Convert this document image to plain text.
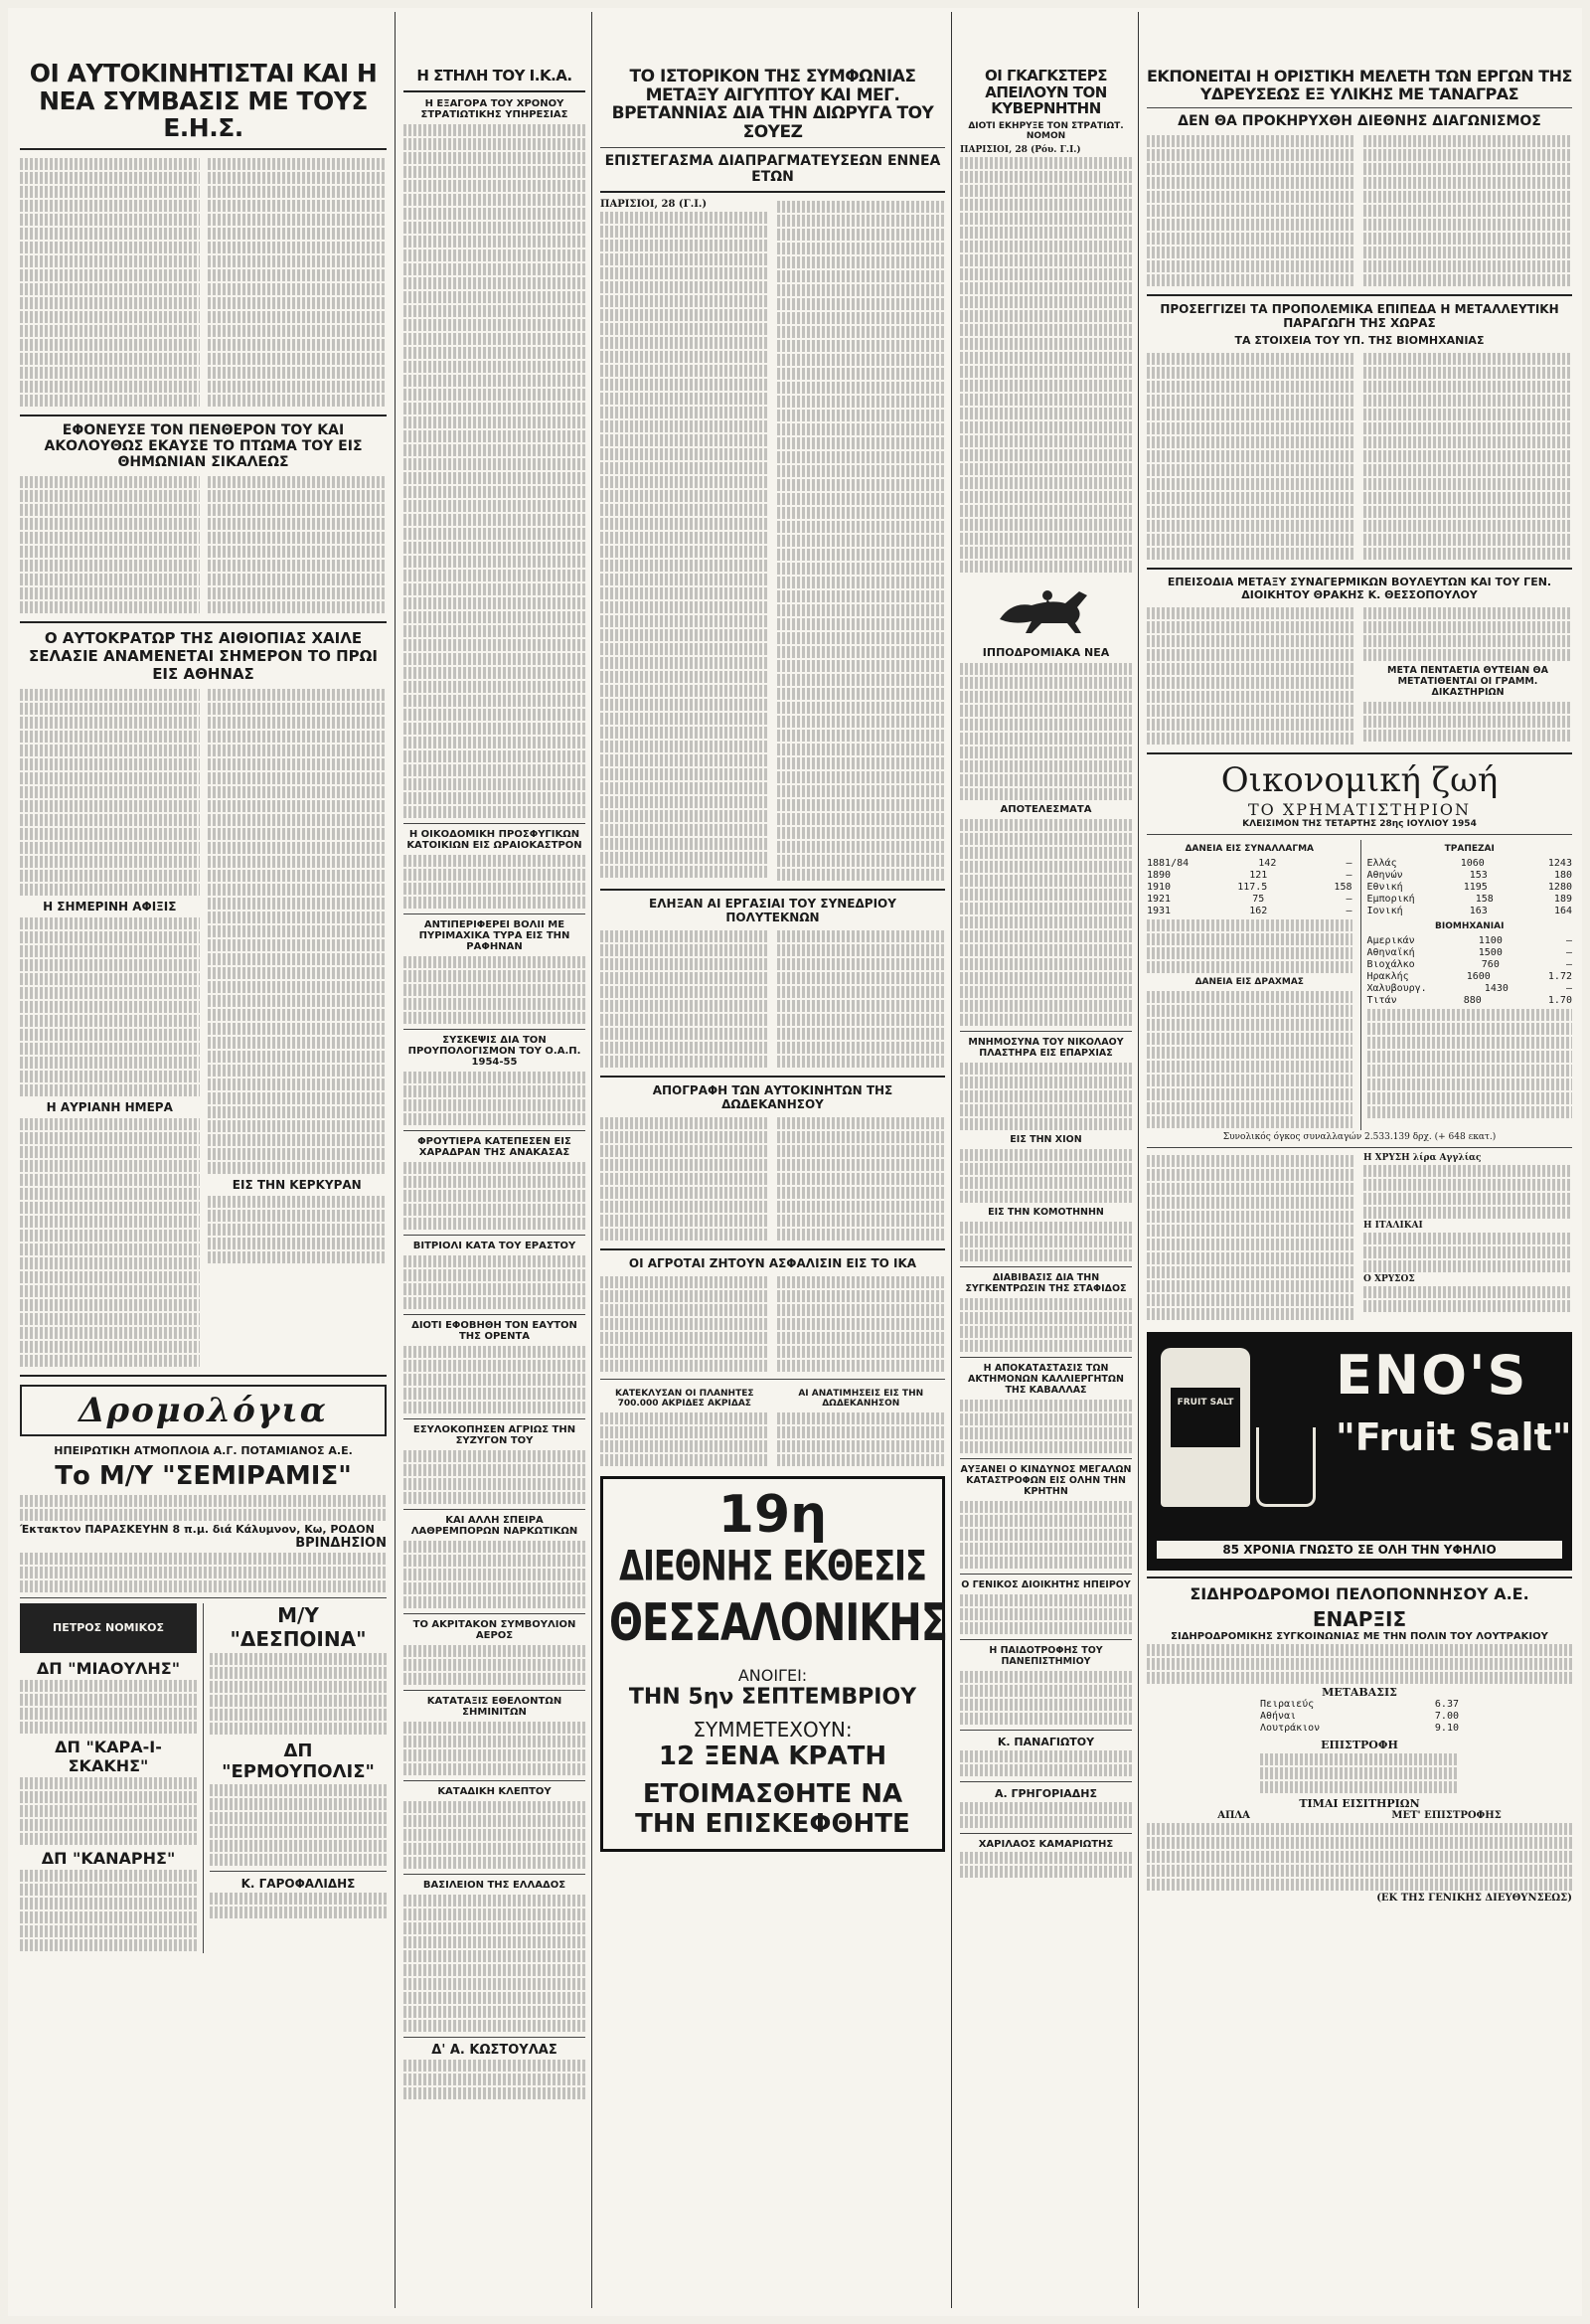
ΟΙ ΑΥΤΟΚΙΝΗΤΙΣΤΑΙ ΚΑΙ Η ΝΕΑ ΣΥΜΒΑΣΙΣ ΜΕ ΤΟΥΣ Ε.Η.Σ.
ΕΦΟΝΕΥΣΕ ΤΟΝ ΠΕΝΘΕΡΟΝ ΤΟΥ ΚΑΙ ΑΚΟΛΟΥΘΩΣ ΕΚΑΥΣΕ ΤΟ ΠΤΩΜΑ ΤΟΥ ΕΙΣ ΘΗΜΩΝΙΑΝ ΣΙΚΑΛΕΩΣ
Ο ΑΥΤΟΚΡΑΤΩΡ ΤΗΣ ΑΙΘΙΟΠΙΑΣ ΧΑΙΛΕ ΣΕΛΑΣΙΕ ΑΝΑΜΕΝΕΤΑΙ ΣΗΜΕΡΟΝ ΤΟ ΠΡΩΙ ΕΙΣ ΑΘΗΝΑΣ
Η ΣΗΜΕΡΙΝΗ ΑΦΙΞΙΣ
Η ΑΥΡΙΑΝΗ ΗΜΕΡΑ
ΕΙΣ ΤΗΝ ΚΕΡΚΥΡΑΝ
Δρομολόγια
ΗΠΕΙΡΩΤΙΚΗ ΑΤΜΟΠΛΟΙΑ Α.Γ. ΠΟΤΑΜΙΑΝΟΣ Α.Ε.
Το Μ/Υ "ΣΕΜΙΡΑΜΙΣ"
Έκτακτον ΠΑΡΑΣΚΕΥΗΝ 8 π.μ. διά Κάλυμνον, Κω, ΡΟΔΟΝ
ΒΡΙΝΔΗΣΙΟΝ
ΠΕΤΡΟΣ ΝΟΜΙΚΟΣ
ΔΠ "ΜΙΑΟΥΛΗΣ"
ΔΠ "ΚΑΡΑ-Ι-ΣΚΑΚΗΣ"
ΔΠ "ΚΑΝΑΡΗΣ"
Μ/Υ "ΔΕΣΠΟΙΝΑ"
ΔΠ "ΕΡΜΟΥΠΟΛΙΣ"
Κ. ΓΑΡΟΦΑΛΙΔΗΣ
Η ΣΤΗΛΗ ΤΟΥ Ι.Κ.Α.
Η ΕΞΑΓΟΡΑ ΤΟΥ ΧΡΟΝΟΥ ΣΤΡΑΤΙΩΤΙΚΗΣ ΥΠΗΡΕΣΙΑΣ
Η ΟΙΚΟΔΟΜΙΚΗ ΠΡΟΣΦΥΓΙΚΩΝ ΚΑΤΟΙΚΙΩΝ ΕΙΣ ΩΡΑΙΟΚΑΣΤΡΟΝ
ΑΝΤΙΠΕΡΙΦΕΡΕΙ ΒΟΛΙΙ ΜΕ ΠΥΡΙΜΑΧΙΚΑ ΤΥΡΑ ΕΙΣ ΤΗΝ ΡΑΦΗΝΑΝ
ΣΥΣΚΕΨΙΣ ΔΙΑ ΤΟΝ ΠΡΟΥΠΟΛΟΓΙΣΜΟΝ ΤΟΥ Ο.Α.Π. 1954-55
ΦΡΟΥΤΙΕΡΑ ΚΑΤΕΠΕΣΕΝ ΕΙΣ ΧΑΡΑΔΡΑΝ ΤΗΣ ΑΝΑΚΑΣΑΣ
ΒΙΤΡΙΟΛΙ ΚΑΤΑ ΤΟΥ ΕΡΑΣΤΟΥ
ΔΙΟΤΙ ΕΦΟΒΗΘΗ ΤΟΝ ΕΑΥΤΟΝ ΤΗΣ ΟΡΕΝΤΑ
ΕΣΥΛΟΚΟΠΗΣΕΝ ΑΓΡΙΩΣ ΤΗΝ ΣΥΖΥΓΟΝ ΤΟΥ
ΚΑΙ ΑΛΛΗ ΣΠΕΙΡΑ ΛΑΘΡΕΜΠΟΡΩΝ ΝΑΡΚΩΤΙΚΩΝ
ΤΟ ΑΚΡΙΤΑΚΟΝ ΣΥΜΒΟΥΛΙΟΝ ΑΕΡΟΣ
ΚΑΤΑΤΑΞΙΣ ΕΘΕΛΟΝΤΩΝ ΣΗΜΙΝΙΤΩΝ
ΚΑΤΑΔΙΚΗ ΚΛΕΠΤΟΥ
ΒΑΣΙΛΕΙΟΝ ΤΗΣ ΕΛΛΑΔΟΣ
Δ' Α. ΚΩΣΤΟΥΛΑΣ
ΤΟ ΙΣΤΟΡΙΚΟΝ ΤΗΣ ΣΥΜΦΩΝΙΑΣ ΜΕΤΑΞΥ ΑΙΓΥΠΤΟΥ ΚΑΙ ΜΕΓ. ΒΡΕΤΑΝΝΙΑΣ ΔΙΑ ΤΗΝ ΔΙΩΡΥΓΑ ΤΟΥ ΣΟΥΕΖ
ΕΠΙΣΤΕΓΑΣΜΑ ΔΙΑΠΡΑΓΜΑΤΕΥΣΕΩΝ ΕΝΝΕΑ ΕΤΩΝ
ΠΑΡΙΣΙΟΙ, 28 (Γ.Ι.)
ΕΛΗΞΑΝ ΑΙ ΕΡΓΑΣΙΑΙ ΤΟΥ ΣΥΝΕΔΡΙΟΥ ΠΟΛΥΤΕΚΝΩΝ
ΑΠΟΓΡΑΦΗ ΤΩΝ ΑΥΤΟΚΙΝΗΤΩΝ ΤΗΣ ΔΩΔΕΚΑΝΗΣΟΥ
ΟΙ ΑΓΡΟΤΑΙ ΖΗΤΟΥΝ ΑΣΦΑΛΙΣΙΝ ΕΙΣ ΤΟ ΙΚΑ
ΚΑΤΕΚΛΥΣΑΝ ΟΙ ΠΛΑΝΗΤΕΣ 700.000 ΑΚΡΙΔΕΣ ΑΚΡΙΔΑΣ
ΑΙ ΑΝΑΤΙΜΗΣΕΙΣ ΕΙΣ ΤΗΝ ΔΩΔΕΚΑΝΗΣΟΝ
19η
ΔΙΕΘΝΗΣ ΕΚΘΕΣΙΣ
ΘΕΣΣΑΛΟΝΙΚΗΣ
ΑΝΟΙΓΕΙ:
ΤΗΝ 5ην ΣΕΠΤΕΜΒΡΙΟΥ
ΣΥΜΜΕΤΕΧΟΥΝ:
12 ΞΕΝΑ ΚΡΑΤΗ
ΕΤΟΙΜΑΣΘΗΤΕ ΝΑ
ΤΗΝ ΕΠΙΣΚΕΦΘΗΤΕ
ΟΙ ΓΚΑΓΚΣΤΕΡΣ ΑΠΕΙΛΟΥΝ ΤΟΝ ΚΥΒΕΡΝΗΤΗΝ
ΔΙΟΤΙ ΕΚΗΡΥΞΕ ΤΟΝ ΣΤΡΑΤΙΩΤ. ΝΟΜΟΝ
ΠΑΡΙΣΙΟΙ, 28 (Ρόυ. Γ.Ι.)
ΙΠΠΟΔΡΟΜΙΑΚΑ ΝΕΑ
ΑΠΟΤΕΛΕΣΜΑΤΑ
ΜΝΗΜΟΣΥΝΑ ΤΟΥ ΝΙΚΟΛΑΟΥ ΠΛΑΣΤΗΡΑ ΕΙΣ ΕΠΑΡΧΙΑΣ
ΕΙΣ ΤΗΝ ΧΙΟΝ
ΕΙΣ ΤΗΝ ΚΟΜΟΤΗΝΗΝ
ΔΙΑΒΙΒΑΣΙΣ ΔΙΑ ΤΗΝ ΣΥΓΚΕΝΤΡΩΣΙΝ ΤΗΣ ΣΤΑΦΙΔΟΣ
Η ΑΠΟΚΑΤΑΣΤΑΣΙΣ ΤΩΝ ΑΚΤΗΜΟΝΩΝ ΚΑΛΛΙΕΡΓΗΤΩΝ ΤΗΣ ΚΑΒΑΛΛΑΣ
ΑΥΞΑΝΕΙ Ο ΚΙΝΔΥΝΟΣ ΜΕΓΑΛΩΝ ΚΑΤΑΣΤΡΟΦΩΝ ΕΙΣ ΟΛΗΝ ΤΗΝ ΚΡΗΤΗΝ
Ο ΓΕΝΙΚΟΣ ΔΙΟΙΚΗΤΗΣ ΗΠΕΙΡΟΥ
Η ΠΑΙΔΟΤΡΟΦΗΣ ΤΟΥ ΠΑΝΕΠΙΣΤΗΜΙΟΥ
Κ. ΠΑΝΑΓΙΩΤΟΥ
Α. ΓΡΗΓΟΡΙΑΔΗΣ
ΧΑΡΙΛΑΟΣ ΚΑΜΑΡΙΩΤΗΣ
ΕΚΠΟΝΕΙΤΑΙ Η ΟΡΙΣΤΙΚΗ ΜΕΛΕΤΗ ΤΩΝ ΕΡΓΩΝ ΤΗΣ ΥΔΡΕΥΣΕΩΣ ΕΞ ΥΛΙΚΗΣ ΜΕ ΤΑΝΑΓΡΑΣ
ΔΕΝ ΘΑ ΠΡΟΚΗΡΥΧΘΗ ΔΙΕΘΝΗΣ ΔΙΑΓΩΝΙΣΜΟΣ
ΠΡΟΣΕΓΓΙΖΕΙ ΤΑ ΠΡΟΠΟΛΕΜΙΚΑ ΕΠΙΠΕΔΑ Η ΜΕΤΑΛΛΕΥΤΙΚΗ ΠΑΡΑΓΩΓΗ ΤΗΣ ΧΩΡΑΣ
ΤΑ ΣΤΟΙΧΕΙΑ ΤΟΥ ΥΠ. ΤΗΣ ΒΙΟΜΗΧΑΝΙΑΣ
ΕΠΕΙΣΟΔΙΑ ΜΕΤΑΞΥ ΣΥΝΑΓΕΡΜΙΚΩΝ ΒΟΥΛΕΥΤΩΝ ΚΑΙ ΤΟΥ ΓΕΝ. ΔΙΟΙΚΗΤΟΥ ΘΡΑΚΗΣ Κ. ΘΕΣΣΟΠΟΥΛΟΥ
ΜΕΤΑ ΠΕΝΤΑΕΤΙΑ ΘΥΤΕΙΑΝ ΘΑ ΜΕΤΑΤΙΘΕΝΤΑΙ ΟΙ ΓΡΑΜΜ. ΔΙΚΑΣΤΗΡΙΩΝ
Οικονομική ζωή
ΤΟ ΧΡΗΜΑΤΙΣΤΗΡΙΟΝ
ΚΛΕΙΣΙΜΟΝ ΤΗΣ ΤΕΤΑΡΤΗΣ 28ης ΙΟΥΛΙΟΥ 1954
ΔΑΝΕΙΑ ΕΙΣ ΣΥΝΑΛΛΑΓΜΑ
1881/84	142	—
1890	121	—
1910	117.5	158
1921	75	—
1931	162	—
ΔΑΝΕΙΑ ΕΙΣ ΔΡΑΧΜΑΣ
ΤΡΑΠΕΖΑΙ
Ελλάς	1060	1243
Αθηνών	153	180
Εθνική	1195	1280
Εμπορική	158	189
Ιονική	163	164
ΒΙΟΜΗΧΑΝΙΑΙ
Αμερικάν	1100	—
Αθηναϊκή	1500	—
Βιοχάλκο	760	—
Ηρακλής	1600	1.72
Χαλυβουργ.	1430	—
Τιτάν	880	1.70
Συνολικός όγκος συναλλαγών 2.533.139 δρχ. (+ 648 εκατ.)
Η ΧΡΥΣΗ λίρα Αγγλίας
Η ΙΤΑΛΙΚΑΙ
Ο ΧΡΥΣΟΣ
FRUIT SALT ENO'S
"Fruit Salt"
85 ΧΡΟΝΙΑ ΓΝΩΣΤΟ ΣΕ ΟΛΗ ΤΗΝ ΥΦΗΛΙΟ
ΣΙΔΗΡΟΔΡΟΜΟΙ ΠΕΛΟΠΟΝΝΗΣΟΥ Α.Ε.
ΕΝΑΡΞΙΣ
ΣΙΔΗΡΟΔΡΟΜΙΚΗΣ ΣΥΓΚΟΙΝΩΝΙΑΣ ΜΕ ΤΗΝ ΠΟΛΙΝ ΤΟΥ ΛΟΥΤΡΑΚΙΟΥ
ΜΕΤΑΒΑΣΙΣ
Πειραιεύς	6.37
Αθήναι	7.00
Λουτράκιον	9.10
ΕΠΙΣΤΡΟΦΗ
ΤΙΜΑΙ ΕΙΣΙΤΗΡΙΩΝ
ΑΠΛΑ	ΜΕΤ' ΕΠΙΣΤΡΟΦΗΣ
(ΕΚ ΤΗΣ ΓΕΝΙΚΗΣ ΔΙΕΥΘΥΝΣΕΩΣ)
